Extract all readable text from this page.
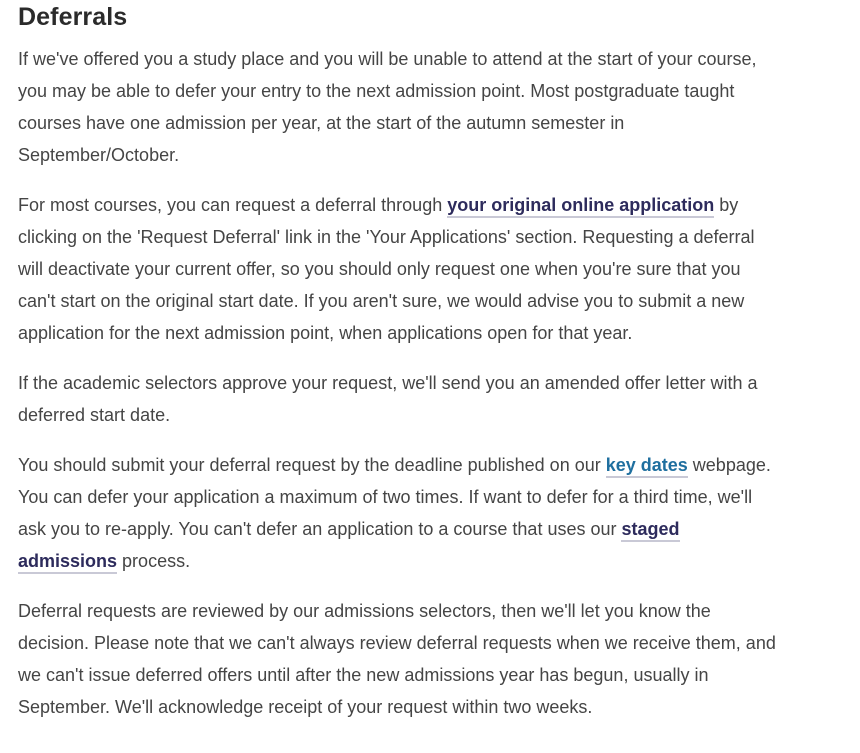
Deferrals

If we've offered you a study place and you will be unable to attend at the start of your course, you may be able to defer your entry to the next admission point. Most postgraduate taught courses have one admission per year, at the start of the autumn semester in September/October.

For most courses, you can request a deferral through your original online application by clicking on the 'Request Deferral' link in the 'Your Applications' section. Requesting a deferral will deactivate your current offer, so you should only request one when you're sure that you can't start on the original start date. If you aren't sure, we would advise you to submit a new application for the next admission point, when applications open for that year.

If the academic selectors approve your request, we'll send you an amended offer letter with a deferred start date.

You should submit your deferral request by the deadline published on our key dates webpage. You can defer your application a maximum of two times. If want to defer for a third time, we'll ask you to re-apply. You can't defer an application to a course that uses our staged admissions process.

Deferral requests are reviewed by our admissions selectors, then we'll let you know the decision. Please note that we can't always review deferral requests when we receive them, and we can't issue deferred offers until after the new admissions year has begun, usually in September. We'll acknowledge receipt of your request within two weeks.
